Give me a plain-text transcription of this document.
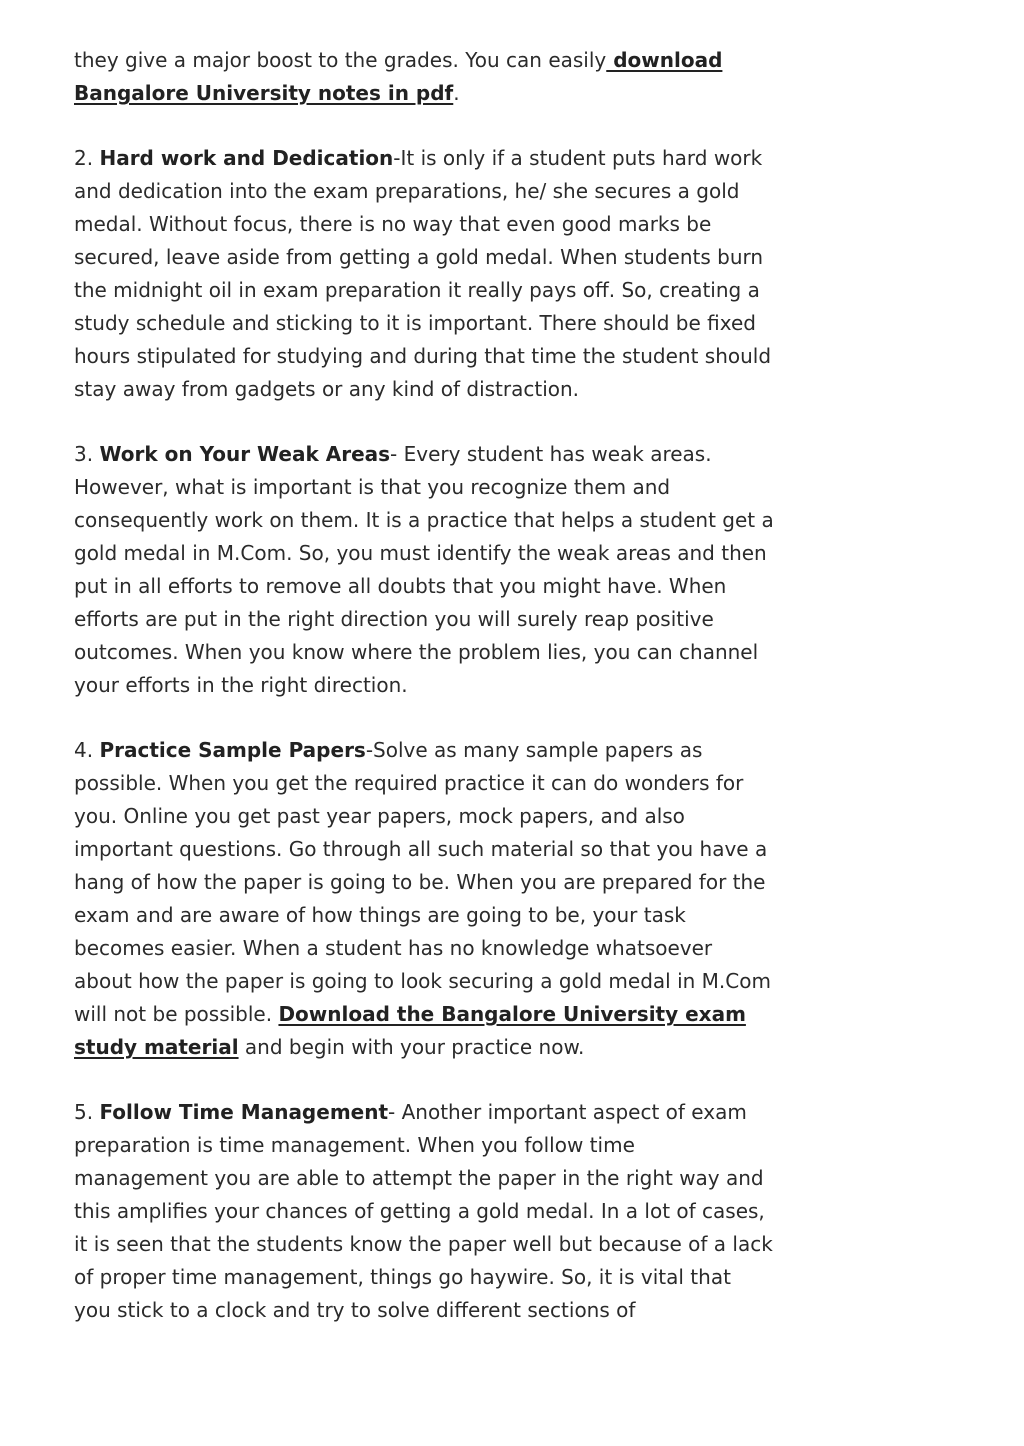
they give a major boost to the grades. You can easily download Bangalore University notes in pdf.

2. Hard work and Dedication-It is only if a student puts hard work and dedication into the exam preparations, he/ she secures a gold medal. Without focus, there is no way that even good marks be secured, leave aside from getting a gold medal. When students burn the midnight oil in exam preparation it really pays off. So, creating a study schedule and sticking to it is important. There should be fixed hours stipulated for studying and during that time the student should stay away from gadgets or any kind of distraction.

3. Work on Your Weak Areas- Every student has weak areas. However, what is important is that you recognize them and consequently work on them. It is a practice that helps a student get a gold medal in M.Com. So, you must identify the weak areas and then put in all efforts to remove all doubts that you might have. When efforts are put in the right direction you will surely reap positive outcomes. When you know where the problem lies, you can channel your efforts in the right direction.

4. Practice Sample Papers-Solve as many sample papers as possible. When you get the required practice it can do wonders for you. Online you get past year papers, mock papers, and also important questions. Go through all such material so that you have a hang of how the paper is going to be. When you are prepared for the exam and are aware of how things are going to be, your task becomes easier. When a student has no knowledge whatsoever about how the paper is going to look securing a gold medal in M.Com will not be possible. Download the Bangalore University exam study material and begin with your practice now.

5. Follow Time Management- Another important aspect of exam preparation is time management. When you follow time management you are able to attempt the paper in the right way and this amplifies your chances of getting a gold medal. In a lot of cases, it is seen that the students know the paper well but because of a lack of proper time management, things go haywire. So, it is vital that you stick to a clock and try to solve different sections of
